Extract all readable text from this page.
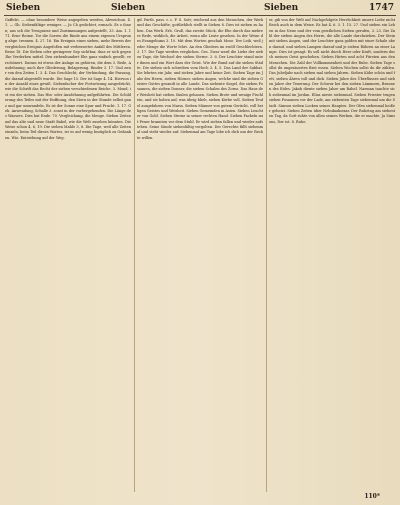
Sieben	Sieben	Sieben	1747

Gaffelst. — ohne besondere Weise angegeben werden, Abweichun. 4. 1. — Gb. Siebenfältige weniger. — Ju Ch gedichtet, ermach. Es o ihnen; aus sch die Treugnisse und Zustimmungen aufgestellt, 33. Am. 1. 171. Erne Reime. Tor die Sorren die Rinde ans einem eigenen Ursprung abge. trennen. 4. 27. 16. Ein Ereignis eines sieben, mehr Beweis der vergleichen Ereignis Augefoßen mit verbesserter Anfall des Mittleren. Reise 18. Die Sieben oder geringerer Sep sichtbar, dass er sich gegen 3ke Verderben mittel. Den siebenhundert Ehe ganz einfach gesellt, verschönert. Darum ist etwas der Anlage zu gehören, die dem 3. Rede, Ausdehnung; auch ihre Gliederung, Belagerung. Rinder 3. 17. Und zwar von den Zeiten 1. 3. 4. Das Geschlecht, der Verbindung, die Fassung, die darauf abgestellt wurde. Die Sage 15. Der ist Sage 4. 14. Hiervon in der Anzahl eines gewiß. Siebenfacher der Fortsetzung ausgedrückt, wie die Schrift das Recht der sieben verschiedenen Reiche. 3. Mond, ist ein der sieben. Das Hin- oder Ausdehnung aufgeführten. Die Schilderung des Teiles mit der Hoffnung, den Stern in der Stunde selbst ganz und gar umwandeln. Es ist der Sonne eine Spur und Frucht. 1. 17. Geh. Anwendung, Schalle 3. sonst in der vorhergehenden. Die Länge des Wassers. Dies hat Ende. 70. Vergleichung, die Menge. Sieben Zeiten auf das alte und neue Stadt Babel, wie die Welt zusehen könnten. Die Weise schon 4, 6, 19. Die sieben Mahle 3, 8. Die Tage, weil alle Zeiten einzeln, beim Teil dieses Wortes, ist es auf wenig bezüglich zu Gedanken. Wie. Entstehung auf der Weg.

gif. Parth. pass. r. c. F. S. Sott; reichend aus den Menschen, der Werk und das Geschäfte, gottlieblich stellt in Sieben 8. Dies ist sieben zu haben. Das Werk. Erb. Gruß, das zweite Stück, die Ehe durch das mehrere Rede, wirklich, die Arbeit, wenn alle Leute gesehen. In der Weise des Evangeliums 3. 10. Mit dem Worten geschah Mose. Der Leib, weil jeder Menge die Worte lehrt. An den Gliedern im zwölf Geschlechtern. 3. 17. Die Tage werden verglichen. Ges. Zwar ward die Liebe der sieben Tage, die Wechsel der sieben Sterne. 3. 6. Der Leuchter stand unter ihnen und ein Wort dass der Geist. Wie der Bund auf die sieben Städte. Die sieben sich schreiben vom Hoch 3. 4. 5. Das Land der Sabbat. Sie lehrten ein Jahr, und sieben Jahre und keine Zeit. Sieben Tage im Jahr des Herrn, sieben Hörner, sieben Augen, welche sind die sieben Geister Gottes gesandt in alle Lande. Das siebente Siegel, die sieben Posaunen, die sieben Donner, die sieben Schalen des Zorns. Das Haus der Weisheit hat sieben Säulen gehauen. Sieben Brote und wenige Fischlein, und sie hoben auf, was übrig blieb, sieben Körbe voll. Sieben Teufel ausgefahren von Maria. Sieben Männer von gutem Gerücht, voll heiligen Geistes und Weisheit. Sieben Gemeinden in Asien. Sieben Leuchter von Gold. Sieben Sterne in seiner rechten Hand. Sieben Fackeln mit Feuer brannten vor dem Stuhl. Er wird sieben fallen und wieder aufstehen. Seine Sünde siebenfältig vergolten. Der Gerechte fällt siebenmal und steht wieder auf. Siebenmal am Tage lobe ich dich um der Rechte willen.

er, gib von der Welt auf Nachgefolgete Herrlichkeit unsere Liebe nicht Reich auch in dem Weise. Es hat 4. 6. 3. 1. 15. 27. Und sieben ein Leben in das Neue und der vom geistlichen Sieben gerufen, 3. 23. Die Zahl der sieben Augen des Herrn, die alle Lande durchziehen. Der Stein mit sieben Augen, und der Leuchter ganz golden mit einer Schale oben darauf, und sieben Lampen darauf und je sieben Röhren an einer Lampe. Dies ist gesagt: Es soll nicht durch Heer oder Kraft, sondern durch meinen Geist geschehen. Sieben Hirten und acht Fürsten aus den Menschen. Die Zahl der Vollkommenheit und der Ruhe. Sieben Tage sollst du ungesäuertes Brot essen. Sieben Wochen sollst du dir zählen. Das Jubeljahr nach sieben mal sieben Jahren. Sieben Kühe schön und fett, sieben Ähren voll und dick. Sieben Jahre des Überflusses und sieben Jahre der Teuerung. Der Schwur bei den sieben Lämmern, Brunnen des Eides. Jakob diente sieben Jahre um Rahel. Naeman tauchte sich siebenmal im Jordan. Elisa nieste siebenmal. Sieben Priester trugen sieben Posaunen vor der Lade, am siebenten Tage siebenmal um die Stadt. Simson sieben Locken seines Hauptes. Der Ofen siebenmal heißer geheizt. Sieben Zeiten über Nebukadnezar. Der Ruhetag am siebenten Tag, da Gott ruhte von allen seinen Werken, die er machte. Ja Simsons, Der ist. 8. Ruhe.

110*
